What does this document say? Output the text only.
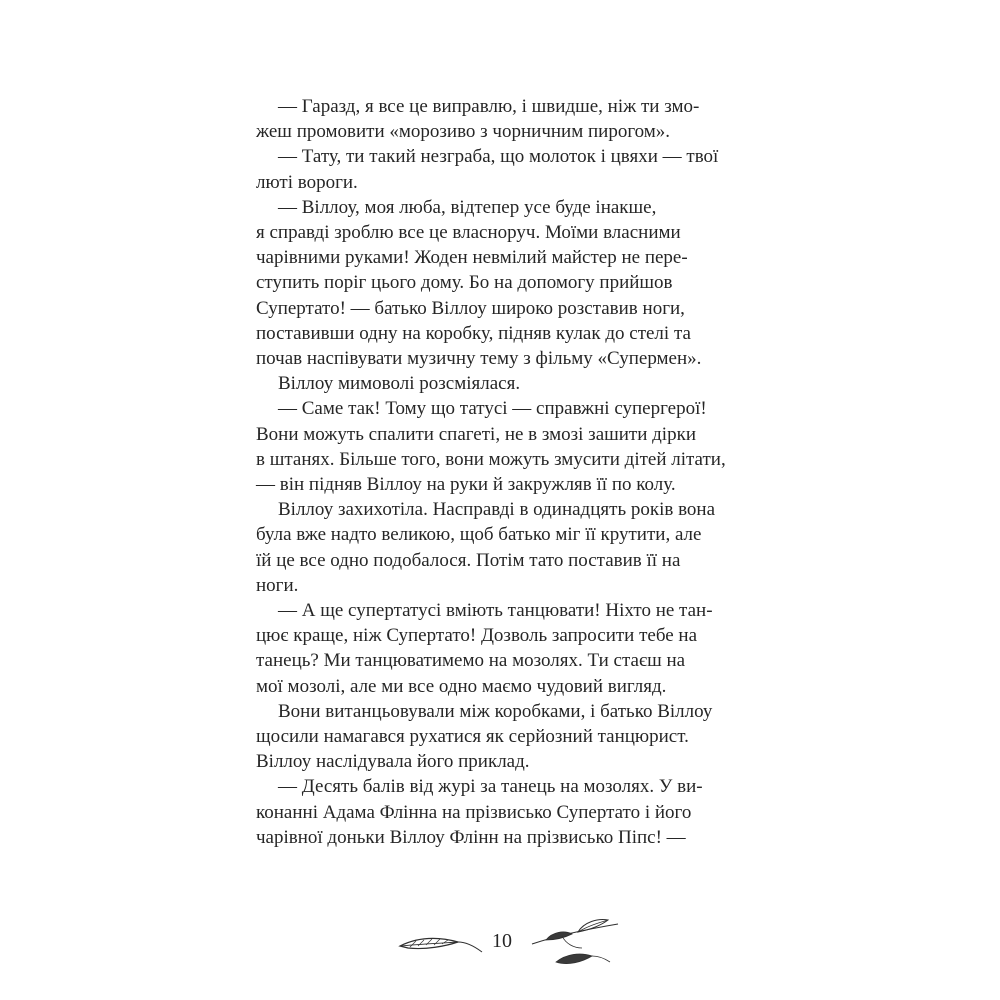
— Гаразд, я все це виправлю, і швидше, ніж ти змо-
жеш промовити «морозиво з чорничним пирогом».
— Тату, ти такий незграба, що молоток і цвяхи — твої
люті вороги.
— Віллоу, моя люба, відтепер усе буде інакше,
я справді зроблю все це власноруч. Моїми власними
чарівними руками! Жоден невмілий майстер не пере-
ступить поріг цього дому. Бо на допомогу прийшов
Супертато! — батько Віллоу широко розставив ноги,
поставивши одну на коробку, підняв кулак до стелі та
почав наспівувати музичну тему з фільму «Супермен».
Віллоу мимоволі розсміялася.
— Саме так! Тому що татусі — справжні супергерої!
Вони можуть спалити спагеті, не в змозі зашити дірки
в штанях. Більше того, вони можуть змусити дітей літати,
— він підняв Віллоу на руки й закружляв її по колу.
Віллоу захихотіла. Насправді в одинадцять років вона
була вже надто великою, щоб батько міг її крутити, але
їй це все одно подобалося. Потім тато поставив її на
ноги.
— А ще супертатусі вміють танцювати! Ніхто не тан-
цює краще, ніж Супертато! Дозволь запросити тебе на
танець? Ми танцюватимемо на мозолях. Ти стаєш на
мої мозолі, але ми все одно маємо чудовий вигляд.
Вони витанцьовували між коробками, і батько Віллоу
щосили намагався рухатися як серйозний танцюрист.
Віллоу наслідувала його приклад.
— Десять балів від журі за танець на мозолях. У ви-
конанні Адама Флінна на прізвисько Супертато і його
чарівної доньки Віллоу Флінн на прізвисько Піпс! —
10
